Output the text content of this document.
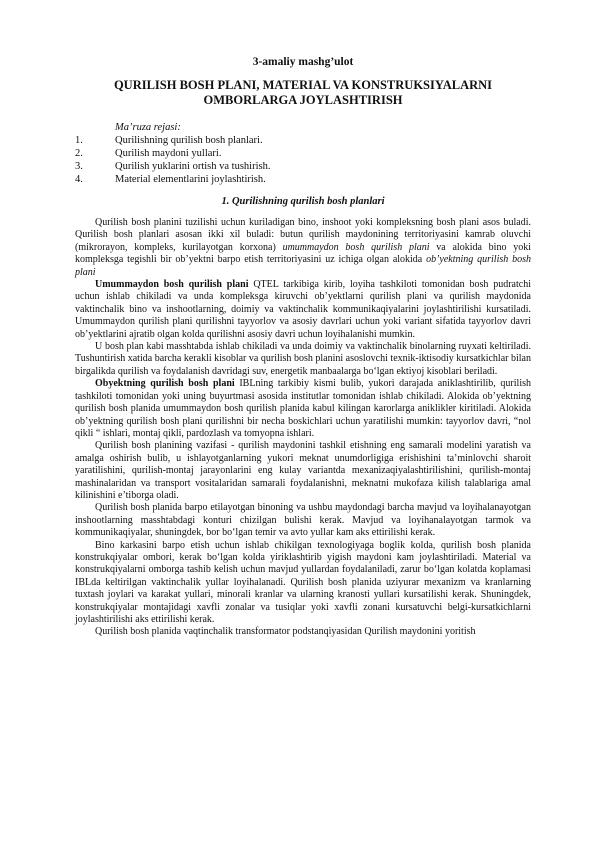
3-amaliy mashg’ulot
QURILISH BOSH PLANI, MATERIAL VA KONSTRUKSIYALARNI OMBORLARGA JOYLASHTIRISH
Ma’ruza rejasi:
1.	Qurilishning qurilish bosh planlari.
2.	Qurilish maydoni yullari.
3.	Qurilish yuklarini ortish va tushirish.
4.	Material elementlarini joylashtirish.
1. Qurilishning qurilish bosh planlari

Qurilish bosh planini tuzilishi uchun kuriladigan bino, inshoot yoki kompleksning bosh plani asos buladi. Qurilish bosh planlari asosan ikki xil buladi: butun qurilish maydonining territoriyasini kamrab oluvchi (mikrorayon, kompleks, kurilayotgan korxona) umummaydon bosh qurilish plani va alokida bino yoki kompleksga tegishli bir ob’yektni barpo etish territoriyasini uz ichiga olgan alokida ob’yektning qurilish bosh plani

Umummaydon bosh qurilish plani QTEL tarkibiga kirib, loyiha tashkiloti tomonidan bosh pudratchi uchun ishlab chikiladi va unda kompleksga kiruvchi ob’yektlarni qurilish plani va qurilish maydonida vaktinchalik bino va inshootlarning, doimiy va vaktinchalik kommunikaqiyalarini joylashtirilishi kursatiladi. Umummaydon qurilish plani qurilishni tayyorlov va asosiy davrlari uchun yoki variant sifatida tayyorlov davri ob’yektlarini ajratib olgan kolda qurilishni asosiy davri uchun loyihalanishi mumkin.

U bosh plan kabi masshtabda ishlab chikiladi va unda doimiy va vaktinchalik binolarning ruyxati keltiriladi. Tushuntirish xatida barcha kerakli kisoblar va qurilish bosh planini asoslovchi texnik-iktisodiy kursatkichlar bilan birgalikda qurilish va foydalanish davridagi suv, energetik manbaalarga bo‘lgan ektiyoj kisoblari beriladi.

Obyektning qurilish bosh plani IBLning tarkibiy kismi bulib, yukori darajada aniklashtirilib, qurilish tashkiloti tomonidan yoki uning buyurtmasi asosida institutlar tomonidan ishlab chikiladi. Alokida ob’yektning qurilish bosh planida umummaydon bosh qurilish planida kabul kilingan karorlarga aniklikler kiritiladi. Alokida ob’yektning qurilish bosh plani qurilishni bir necha boskichlari uchun yaratilishi mumkin: tayyorlov davri, “nol qikli “ ishlari, montaj qikli, pardozlash va tomyopna ishlari.

Qurilish bosh planining vazifasi - qurilish maydonini tashkil etishning eng samarali modelini yaratish va amalga oshirish bulib, u ishlayotganlarning yukori meknat unumdorligiga erishishini ta’minlovchi sharoit yaratilishini, qurilish-montaj jarayonlarini eng kulay variantda mexanizaqiyalashtirilishini, qurilish-montaj mashinalaridan va transport vositalaridan samarali foydalanishni, meknatni mukofaza kilish talablariga amal kilinishini e’tiborga oladi.

Qurilish bosh planida barpo etilayotgan binoning va ushbu maydondagi barcha mavjud va loyihalanayotgan inshootlarning masshtabdagi konturi chizilgan bulishi kerak. Mavjud va loyihanalayotgan tarmok va kommunikaqiyalar, shuningdek, bor bo‘lgan temir va avto yullar kam aks ettirilishi kerak.

Bino karkasini barpo etish uchun ishlab chikilgan texnologiyaga boglik kolda, qurilish bosh planida konstrukqiyalar ombori, kerak bo‘lgan kolda yiriklashtirib yigish maydoni kam joylashtiriladi. Material va konstrukqiyalarni omborga tashib kelish uchun mavjud yullardan foydalaniladi, zarur bo‘lgan kolatda koplamasi IBLda keltirilgan vaktinchalik yullar loyihalanadi. Qurilish bosh planida uziyurar mexanizm va kranlarning tuxtash joylari va karakat yullari, minorali kranlar va ularning kranosti yullari kursatilishi kerak. Shuningdek, konstrukqiyalar montajidagi xavfli zonalar va tusiqlar yoki xavfli zonani kursatuvchi belgi-kursatkichlarni joylashtirilishi aks ettirilishi kerak.

Qurilish bosh planida vaqtinchalik transformator podstanqiyasidan Qurilish maydonini yoritish
